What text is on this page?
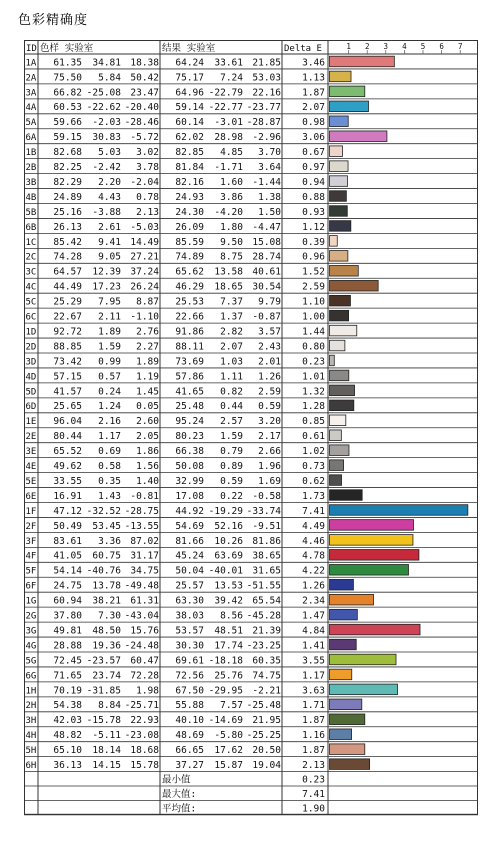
色彩精确度
ID 色样 实验室	结果 实验室	Delta E	1 2 3 4 5 6 7
1A 61.35 34.81 18.38 64.24 33.61 21.85 3.46
2A 75.50 5.84 50.42 75.17 7.24 53.03 1.13
3A 66.82 -25.08 23.47 64.96 -22.79 22.16 1.87
4A 60.53 -22.62 -20.40 59.14 -22.77 -23.77 2.07
5A 59.66 -2.03 -28.46 60.14 -3.01 -28.87 0.98
6A 59.15 30.83 -5.72 62.02 28.98 -2.96 3.06
1B 82.68 5.03 3.02 82.85 4.85 3.70 0.67
2B 82.25 -2.42 3.78 81.84 -1.71 3.64 0.97
3B 82.29 2.20 -2.04 82.16 1.60 -1.44 0.94
4B 24.89 4.43 0.78 24.93 3.86 1.38 0.88
5B 25.16 -3.88 2.13 24.30 -4.20 1.50 0.93
6B 26.13 2.61 -5.03 26.09 1.80 -4.47 1.12
1C 85.42 9.41 14.49 85.59 9.50 15.08 0.39
2C 74.28 9.05 27.21 74.89 8.75 28.74 0.96
3C 64.57 12.39 37.24 65.62 13.58 40.61 1.52
4C 44.49 17.23 26.24 46.29 18.65 30.54 2.59
5C 25.29 7.95 8.87 25.53 7.37 9.79 1.10
6C 22.67 2.11 -1.10 22.66 1.37 -0.87 1.00
1D 92.72 1.89 2.76 91.86 2.82 3.57 1.44
2D 88.85 1.59 2.27 88.11 2.07 2.43 0.80
3D 73.42 0.99 1.89 73.69 1.03 2.01 0.23
4D 57.15 0.57 1.19 57.86 1.11 1.26 1.01
5D 41.57 0.24 1.45 41.65 0.82 2.59 1.32
6D 25.65 1.24 0.05 25.48 0.44 0.59 1.28
1E 96.04 2.16 2.60 95.24 2.57 3.20 0.85
2E 80.44 1.17 2.05 80.23 1.59 2.17 0.61
3E 65.52 0.69 1.86 66.38 0.79 2.66 1.02
4E 49.62 0.58 1.56 50.08 0.89 1.96 0.73
5E 33.55 0.35 1.40 32.99 0.59 1.69 0.62
6E 16.91 1.43 -0.81 17.08 0.22 -0.58 1.73
1F 47.12 -32.52 -28.75 44.92 -19.29 -33.74 7.41
2F 50.49 53.45 -13.55 54.69 52.16 -9.51 4.49
3F 83.61 3.36 87.02 81.66 10.26 81.86 4.46
4F 41.05 60.75 31.17 45.24 63.69 38.65 4.78
5F 54.14 -40.76 34.75 50.04 -40.01 31.65 4.22
6F 24.75 13.78 -49.48 25.57 13.53 -51.55 1.26
1G 60.94 38.21 61.31 63.30 39.42 65.54 2.34
2G 37.80 7.30 -43.04 38.03 8.56 -45.28 1.47
3G 49.81 48.50 15.76 53.57 48.51 21.39 4.84
4G 28.88 19.36 -24.48 30.30 17.74 -23.25 1.41
5G 72.45 -23.57 60.47 69.61 -18.18 60.35 3.55
6G 71.65 23.74 72.28 72.56 25.76 74.75 1.17
1H 70.19 -31.85 1.98 67.50 -29.95 -2.21 3.63
2H 54.38 8.84 -25.71 55.88 7.57 -25.48 1.71
3H 42.03 -15.78 22.93 40.10 -14.69 21.95 1.87
4H 48.82 -5.11 -23.08 48.69 -5.80 -25.25 1.16
5H 65.10 18.14 18.68 66.65 17.62 20.50 1.87
6H 36.13 14.15 15.78 37.27 15.87 19.04 2.13
最小值	0.23
最大值:	7.41
平均值:	1.90
